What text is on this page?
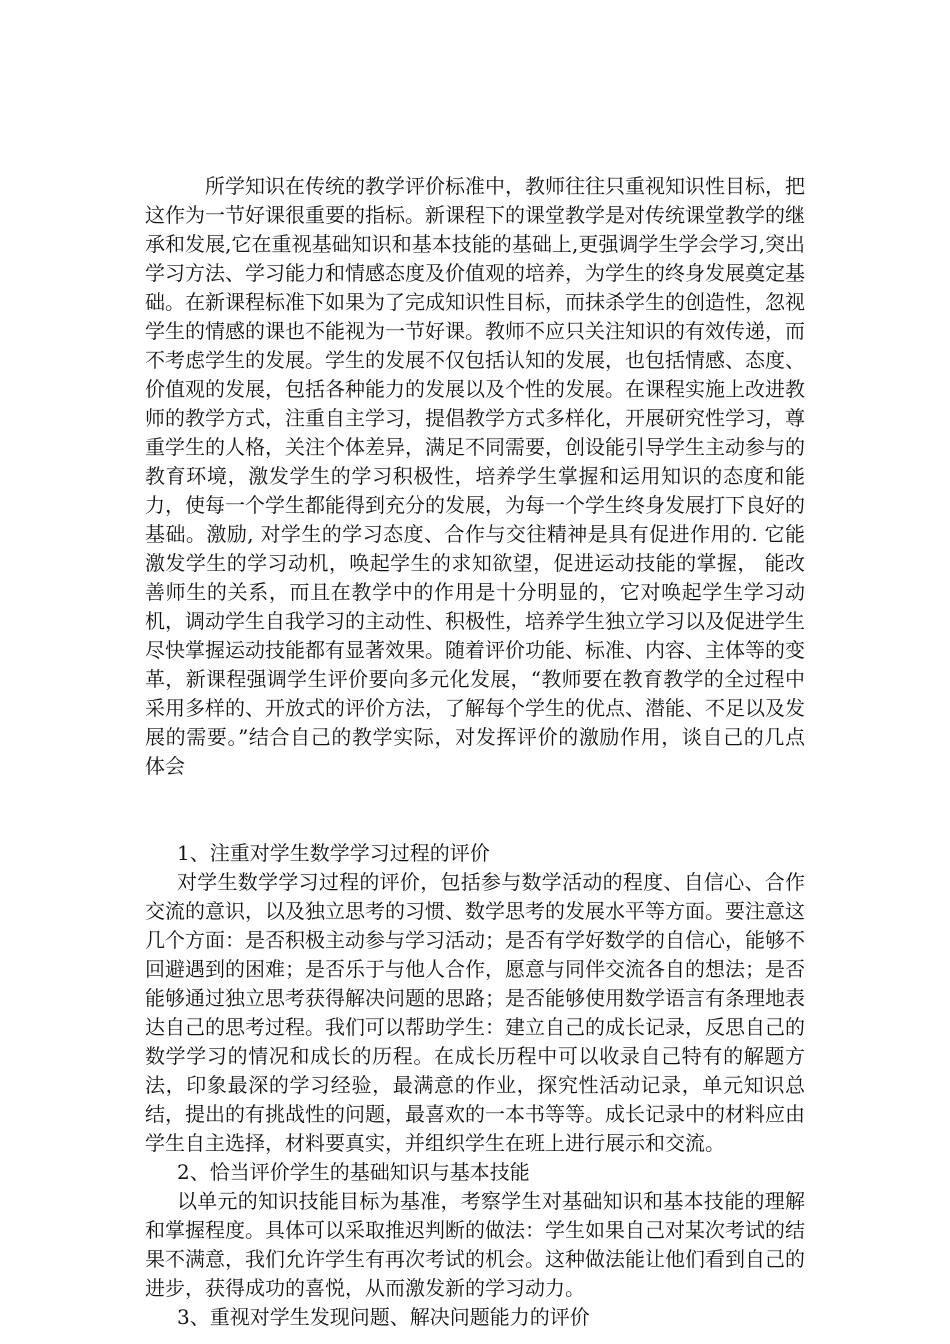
所学知识在传统的教学评价标准中，教师往往只重视知识性目标，把这作为一节好课很重要的指标。新课程下的课堂教学是对传统课堂教学的继承和发展,它在重视基础知识和基本技能的基础上,更强调学生学会学习,突出学习方法、学习能力和情感态度及价值观的培养，为学生的终身发展奠定基础。在新课程标准下如果为了完成知识性目标，而抹杀学生的创造性，忽视学生的情感的课也不能视为一节好课。教师不应只关注知识的有效传递，而不考虑学生的发展。学生的发展不仅包括认知的发展，也包括情感、态度、价值观的发展，包括各种能力的发展以及个性的发展。在课程实施上改进教师的教学方式，注重自主学习，提倡教学方式多样化，开展研究性学习，尊重学生的人格，关注个体差异，满足不同需要，创设能引导学生主动参与的教育环境，激发学生的学习积极性，培养学生掌握和运用知识的态度和能力，使每一个学生都能得到充分的发展，为每一个学生终身发展打下良好的基础。激励, 对学生的学习态度、合作与交往精神是具有促进作用的. 它能激发学生的学习动机，唤起学生的求知欲望，促进运动技能的掌握， 能改善师生的关系，而且在教学中的作用是十分明显的，它对唤起学生学习动机，调动学生自我学习的主动性、积极性，培养学生独立学习以及促进学生尽快掌握运动技能都有显著效果。随着评价功能、标准、内容、主体等的变革，新课程强调学生评价要向多元化发展，“教师要在教育教学的全过程中采用多样的、开放式的评价方法，了解每个学生的优点、潜能、不足以及发展的需要。”结合自己的教学实际，对发挥评价的激励作用，谈自己的几点体会

1、注重对学生数学学习过程的评价

对学生数学学习过程的评价，包括参与数学活动的程度、自信心、合作交流的意识，以及独立思考的习惯、数学思考的发展水平等方面。要注意这几个方面：是否积极主动参与学习活动；是否有学好数学的自信心，能够不回避遇到的困难；是否乐于与他人合作，愿意与同伴交流各自的想法；是否能够通过独立思考获得解决问题的思路；是否能够使用数学语言有条理地表达自己的思考过程。我们可以帮助学生：建立自己的成长记录，反思自己的数学学习的情况和成长的历程。在成长历程中可以收录自己特有的解题方法，印象最深的学习经验，最满意的作业，探究性活动记录，单元知识总结，提出的有挑战性的问题，最喜欢的一本书等等。成长记录中的材料应由学生自主选择，材料要真实，并组织学生在班上进行展示和交流。

2、恰当评价学生的基础知识与基本技能

以单元的知识技能目标为基准，考察学生对基础知识和基本技能的理解和掌握程度。具体可以采取推迟判断的做法：学生如果自己对某次考试的结果不满意，我们允许学生有再次考试的机会。这种做法能让他们看到自己的进步，获得成功的喜悦，从而激发新的学习动力。

3、重视对学生发现问题、解决问题能力的评价
